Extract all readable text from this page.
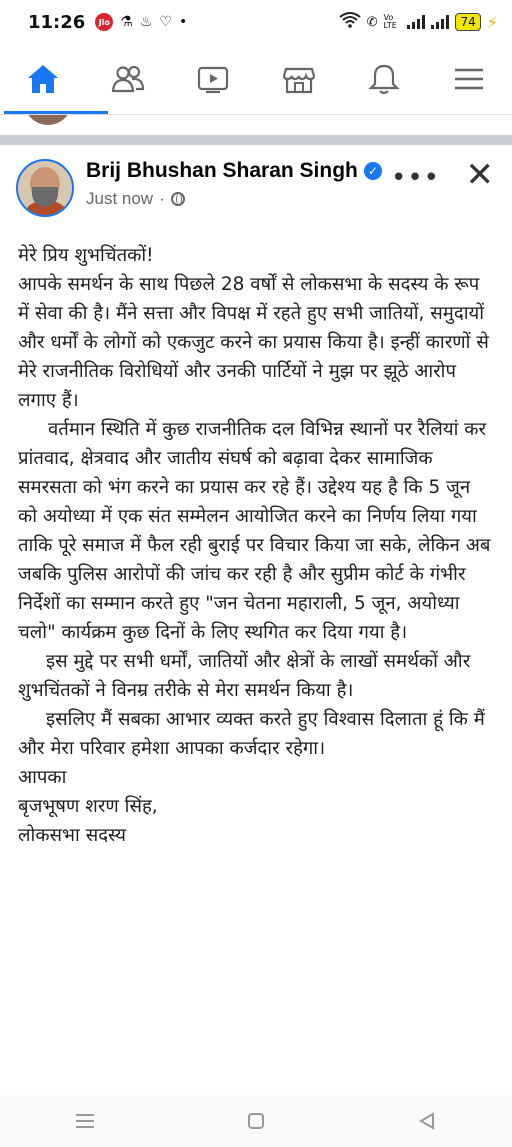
11:26	Jio ⚗ ♨ ♡ •	✆ Vo LTE	74 ⚡
Brij Bhushan Sharan Singh ✓
Just now ·
••• ✕

मेरे प्रिय शुभचिंतकों!

आपके समर्थन के साथ पिछले 28 वर्षों से लोकसभा के सदस्य के रूप में सेवा की है। मैंने सत्ता और विपक्ष में रहते हुए सभी जातियों, समुदायों और धर्मों के लोगों को एकजुट करने का प्रयास किया है। इन्हीं कारणों से मेरे राजनीतिक विरोधियों और उनकी पार्टियों ने मुझ पर झूठे आरोप लगाए हैं।

वर्तमान स्थिति में कुछ राजनीतिक दल विभिन्न स्थानों पर रैलियां कर प्रांतवाद, क्षेत्रवाद और जातीय संघर्ष को बढ़ावा देकर सामाजिक समरसता को भंग करने का प्रयास कर रहे हैं। उद्देश्य यह है कि 5 जून को अयोध्या में एक संत सम्मेलन आयोजित करने का निर्णय लिया गया ताकि पूरे समाज में फैल रही बुराई पर विचार किया जा सके, लेकिन अब जबकि पुलिस आरोपों की जांच कर रही है और सुप्रीम कोर्ट के गंभीर निर्देशों का सम्मान करते हुए "जन चेतना महाराली, 5 जून, अयोध्या चलो" कार्यक्रम कुछ दिनों के लिए स्थगित कर दिया गया है।

इस मुद्दे पर सभी धर्मों, जातियों और क्षेत्रों के लाखों समर्थकों और शुभचिंतकों ने विनम्र तरीके से मेरा समर्थन किया है।

इसलिए मैं सबका आभार व्यक्त करते हुए विश्वास दिलाता हूं कि मैं और मेरा परिवार हमेशा आपका कर्जदार रहेगा।

आपका

बृजभूषण शरण सिंह,

लोकसभा सदस्य
